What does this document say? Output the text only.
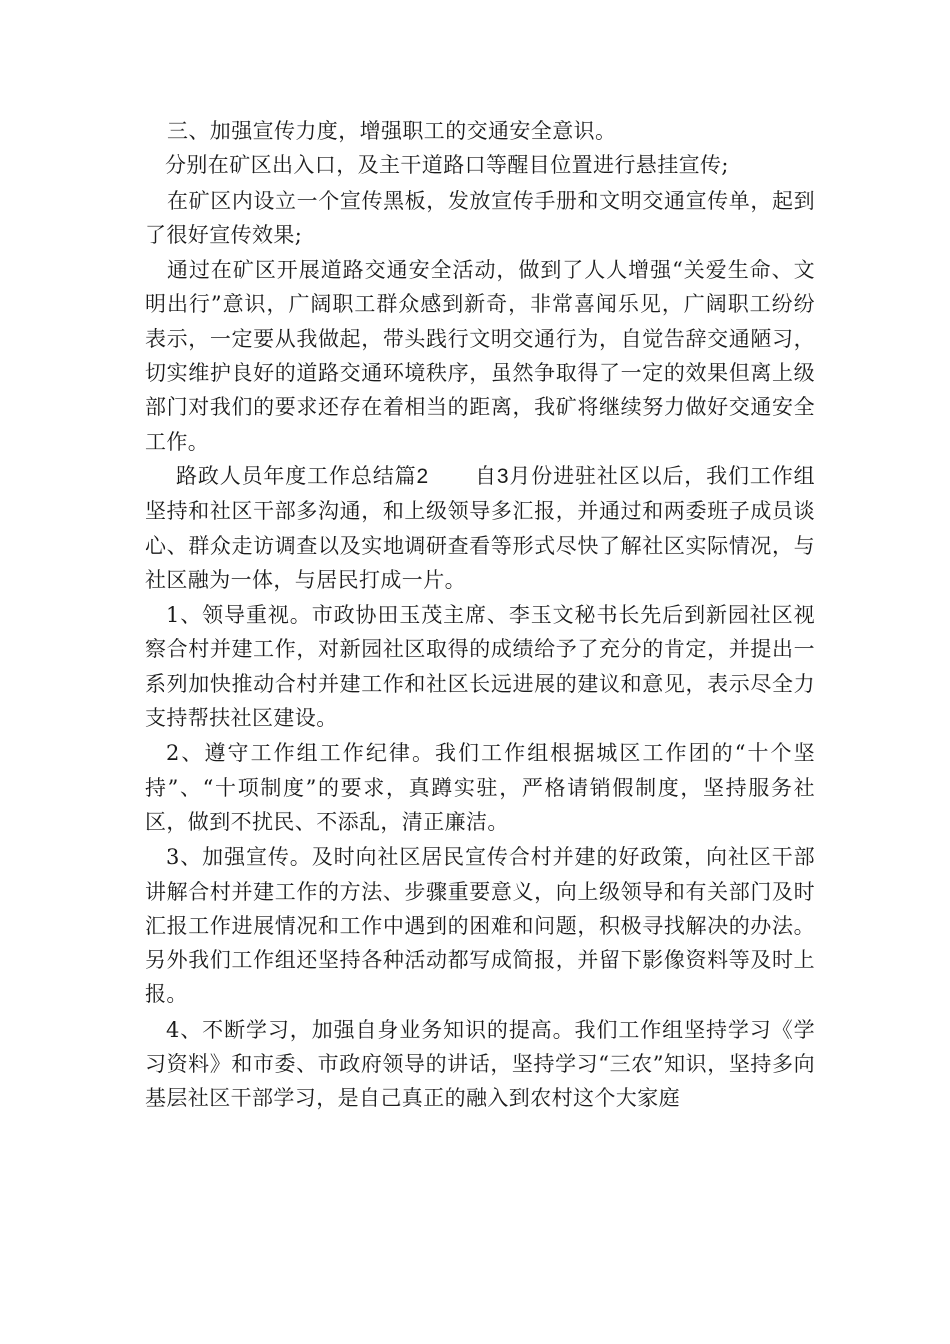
三、加强宣传力度，增强职工的交通安全意识。

分别在矿区出入口，及主干道路口等醒目位置进行悬挂宣传;

在矿区内设立一个宣传黑板，发放宣传手册和文明交通宣传单，起到了很好宣传效果;

通过在矿区开展道路交通安全活动，做到了人人增强“关爱生命、文明出行”意识，广阔职工群众感到新奇，非常喜闻乐见，广阔职工纷纷表示，一定要从我做起，带头践行文明交通行为，自觉告辞交通陋习，切实维护良好的道路交通环境秩序，虽然争取得了一定的效果但离上级部门对我们的要求还存在着相当的距离，我矿将继续努力做好交通安全工作。

路政人员年度工作总结篇2 自3月份进驻社区以后，我们工作组坚持和社区干部多沟通，和上级领导多汇报，并通过和两委班子成员谈心、群众走访调查以及实地调研查看等形式尽快了解社区实际情况，与社区融为一体，与居民打成一片。

1、领导重视。市政协田玉茂主席、李玉文秘书长先后到新园社区视察合村并建工作，对新园社区取得的成绩给予了充分的肯定，并提出一系列加快推动合村并建工作和社区长远进展的建议和意见，表示尽全力支持帮扶社区建设。

2、遵守工作组工作纪律。我们工作组根据城区工作团的“十个坚持”、“十项制度”的要求，真蹲实驻，严格请销假制度，坚持服务社区，做到不扰民、不添乱，清正廉洁。

3、加强宣传。及时向社区居民宣传合村并建的好政策，向社区干部讲解合村并建工作的方法、步骤重要意义，向上级领导和有关部门及时汇报工作进展情况和工作中遇到的困难和问题，积极寻找解决的办法。另外我们工作组还坚持各种活动都写成简报，并留下影像资料等及时上报。

4、不断学习，加强自身业务知识的提高。我们工作组坚持学习《学习资料》和市委、市政府领导的讲话，坚持学习“三农”知识，坚持多向基层社区干部学习，是自己真正的融入到农村这个大家庭
